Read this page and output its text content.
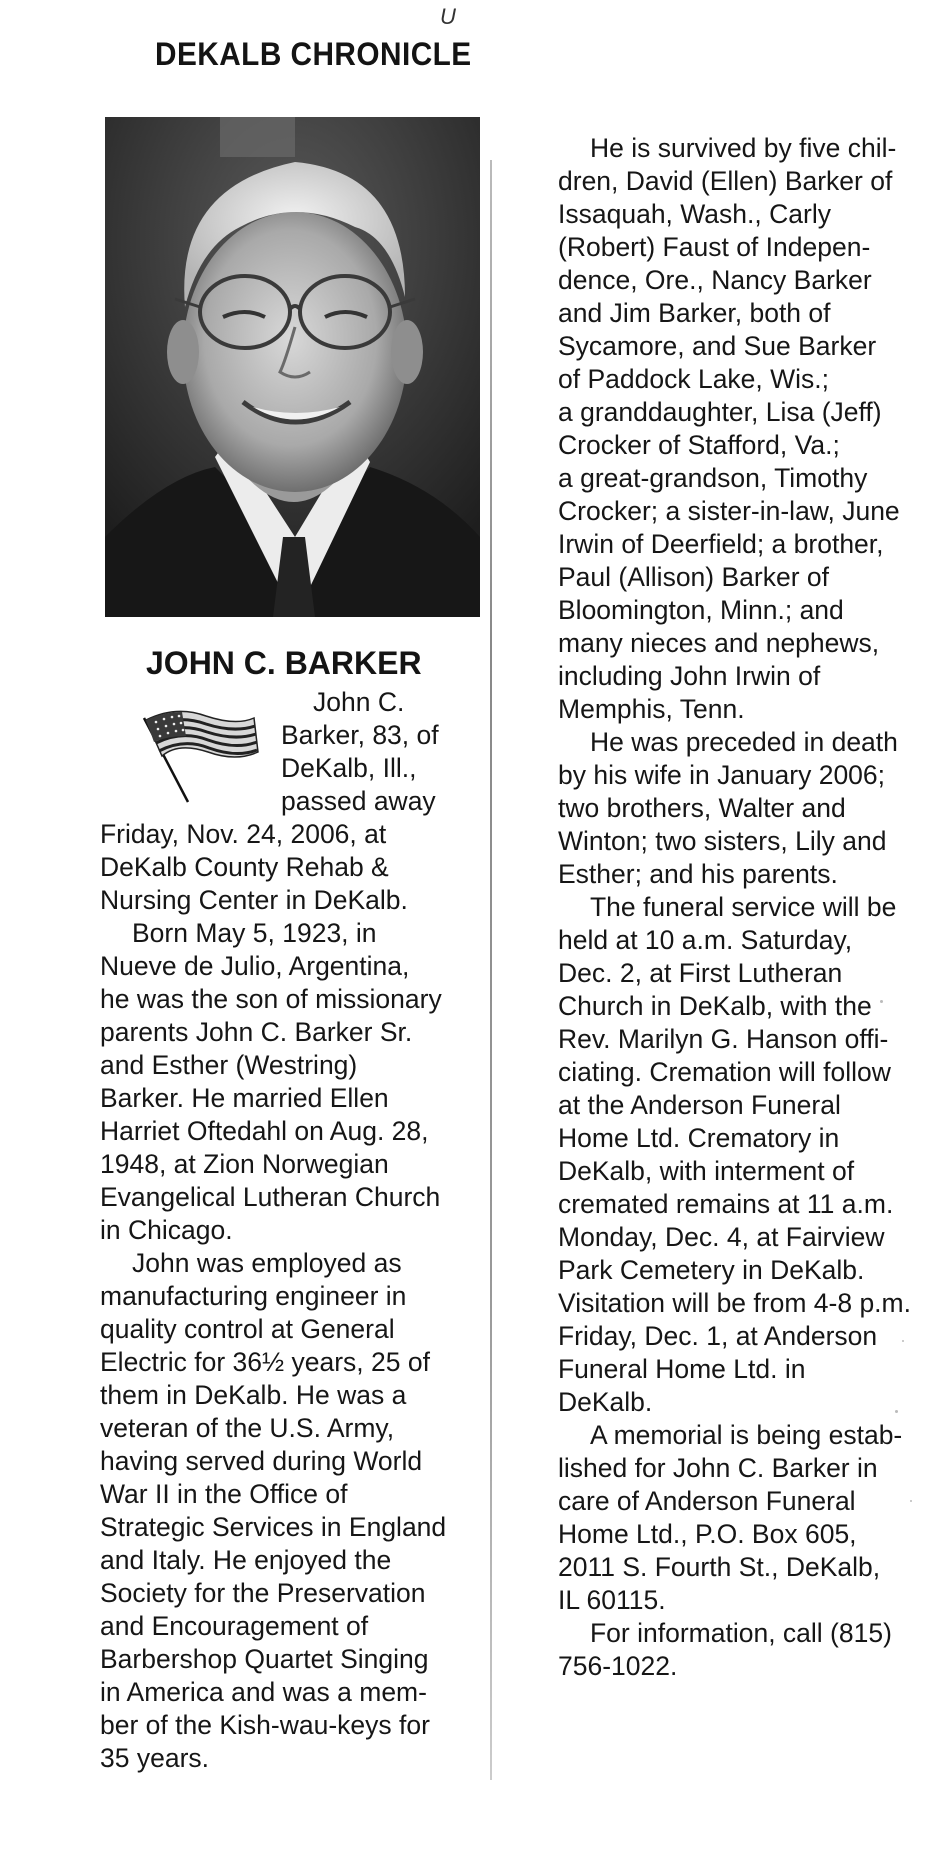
U
DEKALB CHRONICLE
JOHN C. BARKER
John C.
Barker, 83, of
DeKalb, Ill.,
passed away
Friday, Nov. 24, 2006, at
DeKalb County Rehab &
Nursing Center in DeKalb.
Born May 5, 1923, in
Nueve de Julio, Argentina,
he was the son of missionary
parents John C. Barker Sr.
and Esther (Westring)
Barker. He married Ellen
Harriet Oftedahl on Aug. 28,
1948, at Zion Norwegian
Evangelical Lutheran Church
in Chicago.
John was employed as
manufacturing engineer in
quality control at General
Electric for 36½ years, 25 of
them in DeKalb. He was a
veteran of the U.S. Army,
having served during World
War II in the Office of
Strategic Services in England
and Italy. He enjoyed the
Society for the Preservation
and Encouragement of
Barbershop Quartet Singing
in America and was a mem-
ber of the Kish-wau-keys for
35 years.
He is survived by five chil-
dren, David (Ellen) Barker of
Issaquah, Wash., Carly
(Robert) Faust of Indepen-
dence, Ore., Nancy Barker
and Jim Barker, both of
Sycamore, and Sue Barker
of Paddock Lake, Wis.;
a granddaughter, Lisa (Jeff)
Crocker of Stafford, Va.;
a great-grandson, Timothy
Crocker; a sister-in-law, June
Irwin of Deerfield; a brother,
Paul (Allison) Barker of
Bloomington, Minn.; and
many nieces and nephews,
including John Irwin of
Memphis, Tenn.
He was preceded in death
by his wife in January 2006;
two brothers, Walter and
Winton; two sisters, Lily and
Esther; and his parents.
The funeral service will be
held at 10 a.m. Saturday,
Dec. 2, at First Lutheran
Church in DeKalb, with the
Rev. Marilyn G. Hanson offi-
ciating. Cremation will follow
at the Anderson Funeral
Home Ltd. Crematory in
DeKalb, with interment of
cremated remains at 11 a.m.
Monday, Dec. 4, at Fairview
Park Cemetery in DeKalb.
Visitation will be from 4-8 p.m.
Friday, Dec. 1, at Anderson
Funeral Home Ltd. in
DeKalb.
A memorial is being estab-
lished for John C. Barker in
care of Anderson Funeral
Home Ltd., P.O. Box 605,
2011 S. Fourth St., DeKalb,
IL 60115.
For information, call (815)
756-1022.
